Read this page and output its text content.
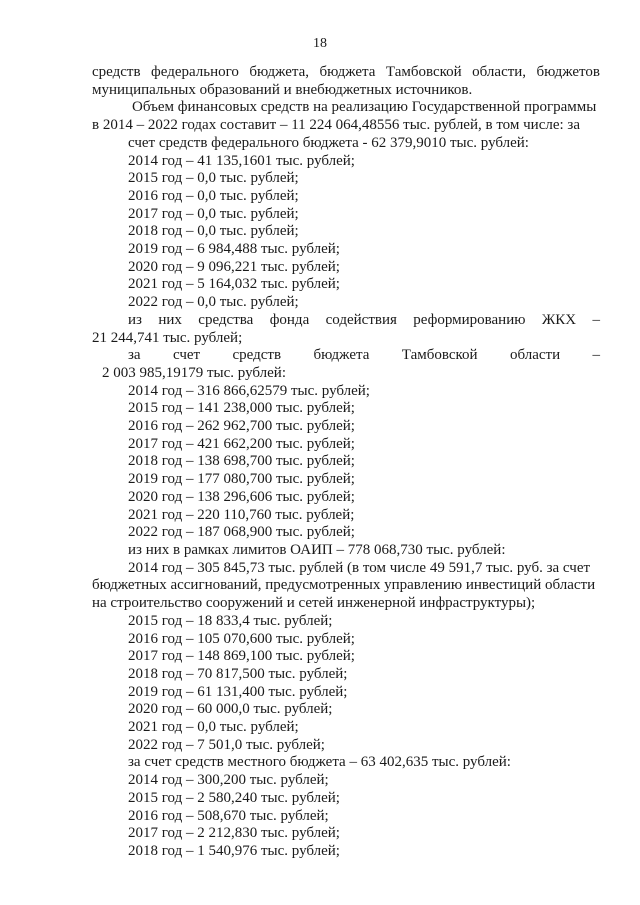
18

средств федерального бюджета, бюджета Тамбовской области, бюджетов

муниципальных образований и внебюджетных источников.

Объем финансовых средств на реализацию Государственной программы

в 2014 – 2022 годах составит – 11 224 064,48556 тыс. рублей, в том числе: за

счет средств федерального бюджета - 62 379,9010 тыс. рублей:

2014 год – 41 135,1601 тыс. рублей;

2015 год – 0,0 тыс. рублей;

2016 год – 0,0 тыс. рублей;

2017 год – 0,0 тыс. рублей;

2018 год – 0,0 тыс. рублей;

2019 год – 6 984,488 тыс. рублей;

2020 год – 9 096,221 тыс. рублей;

2021 год – 5 164,032 тыс. рублей;

2022 год – 0,0 тыс. рублей;

из них средства фонда содействия реформированию ЖКХ –

21 244,741 тыс. рублей;

за счет средств бюджета Тамбовской области –

2 003 985,19179 тыс. рублей:

2014 год – 316 866,62579 тыс. рублей;

2015 год – 141 238,000 тыс. рублей;

2016 год – 262 962,700 тыс. рублей;

2017 год – 421 662,200 тыс. рублей;

2018 год – 138 698,700 тыс. рублей;

2019 год – 177 080,700 тыс. рублей;

2020 год – 138 296,606 тыс. рублей;

2021 год – 220 110,760 тыс. рублей;

2022 год – 187 068,900 тыс. рублей;

из них в рамках лимитов ОАИП – 778 068,730 тыс. рублей:

2014 год – 305 845,73 тыс. рублей (в том числе 49 591,7 тыс. руб. за счет

бюджетных ассигнований, предусмотренных управлению инвестиций области

на строительство сооружений и сетей инженерной инфраструктуры);

2015 год – 18 833,4 тыс. рублей;

2016 год – 105 070,600 тыс. рублей;

2017 год – 148 869,100 тыс. рублей;

2018 год – 70 817,500 тыс. рублей;

2019 год – 61 131,400 тыс. рублей;

2020 год – 60 000,0 тыс. рублей;

2021 год – 0,0 тыс. рублей;

2022 год – 7 501,0 тыс. рублей;

за счет средств местного бюджета – 63 402,635 тыс. рублей:

2014 год – 300,200 тыс. рублей;

2015 год – 2 580,240 тыс. рублей;

2016 год – 508,670 тыс. рублей;

2017 год – 2 212,830 тыс. рублей;

2018 год – 1 540,976 тыс. рублей;
